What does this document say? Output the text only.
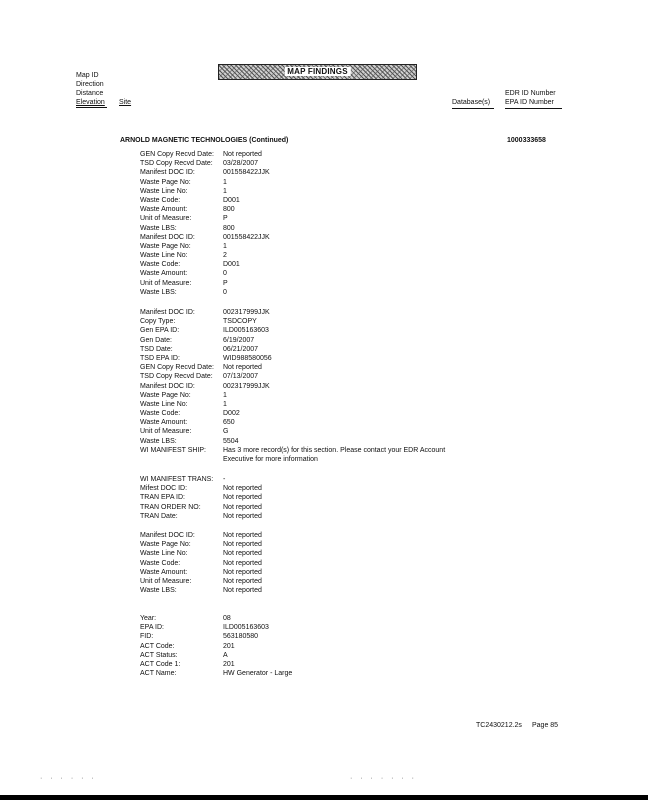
Map ID
Direction
Distance
Elevation Site
MAP FINDINGS
Database(s)
EDR ID Number
EPA ID Number
ARNOLD MAGNETIC TECHNOLOGIES (Continued)	1000333658
GEN Copy Recvd Date:
TSD Copy Recvd Date:
Manifest DOC ID:
Waste Page No:
Waste Line No:
Waste Code:
Waste Amount:
Unit of Measure:
Waste LBS:
Manifest DOC ID:
Waste Page No:
Waste Line No:
Waste Code:
Waste Amount:
Unit of Measure:
Waste LBS:
Not reported
03/28/2007
001558422JJK
1
1
D001
800
P
800
001558422JJK
1
2
D001
0
P
0
Manifest DOC ID:
Copy Type:
Gen EPA ID:
Gen Date:
TSD Date:
TSD EPA ID:
GEN Copy Recvd Date:
TSD Copy Recvd Date:
Manifest DOC ID:
Waste Page No:
Waste Line No:
Waste Code:
Waste Amount:
Unit of Measure:
Waste LBS:
WI MANIFEST SHIP:
002317999JJK
TSDCOPY
ILD005163603
6/19/2007
06/21/2007
WID988580056
Not reported
07/13/2007
002317999JJK
1
1
D002
650
G
5504
Has 3 more record(s) for this section. Please contact your EDR Account
Executive for more information
WI MANIFEST TRANS:
Mifest DOC ID:
TRAN EPA ID:
TRAN ORDER NO:
TRAN Date:
-
Not reported
Not reported
Not reported
Not reported
Manifest DOC ID:
Waste Page No:
Waste Line No:
Waste Code:
Waste Amount:
Unit of Measure:
Waste LBS:
Not reported
Not reported
Not reported
Not reported
Not reported
Not reported
Not reported
Year:
EPA ID:
FID:
ACT Code:
ACT Status:
ACT Code 1:
ACT Name:
08
ILD005163603
563180580
201
A
201
HW Generator - Large
TC2430212.2s Page 85
· · · · · ·	· · · · · · ·
